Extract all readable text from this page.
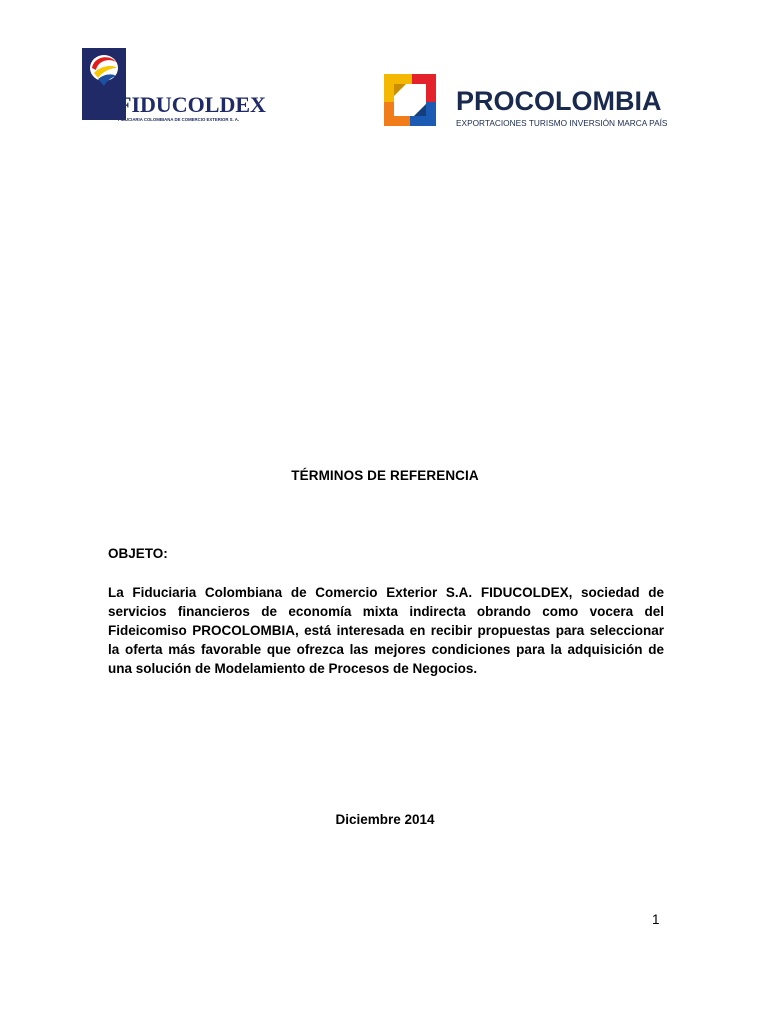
FIDUCOLDEX
FIDUCIARIA COLOMBIANA DE COMERCIO EXTERIOR S. A.
PROCOLOMBIA
EXPORTACIONES TURISMO INVERSIÓN MARCA PAÍS
TÉRMINOS DE REFERENCIA
OBJETO:
La Fiduciaria Colombiana de Comercio Exterior S.A. FIDUCOLDEX, sociedad de servicios financieros de economía mixta indirecta obrando como vocera del Fideicomiso PROCOLOMBIA, está interesada en recibir propuestas para seleccionar la oferta más favorable que ofrezca las mejores condiciones para la adquisición de una solución de Modelamiento de Procesos de Negocios.
Diciembre 2014
1
